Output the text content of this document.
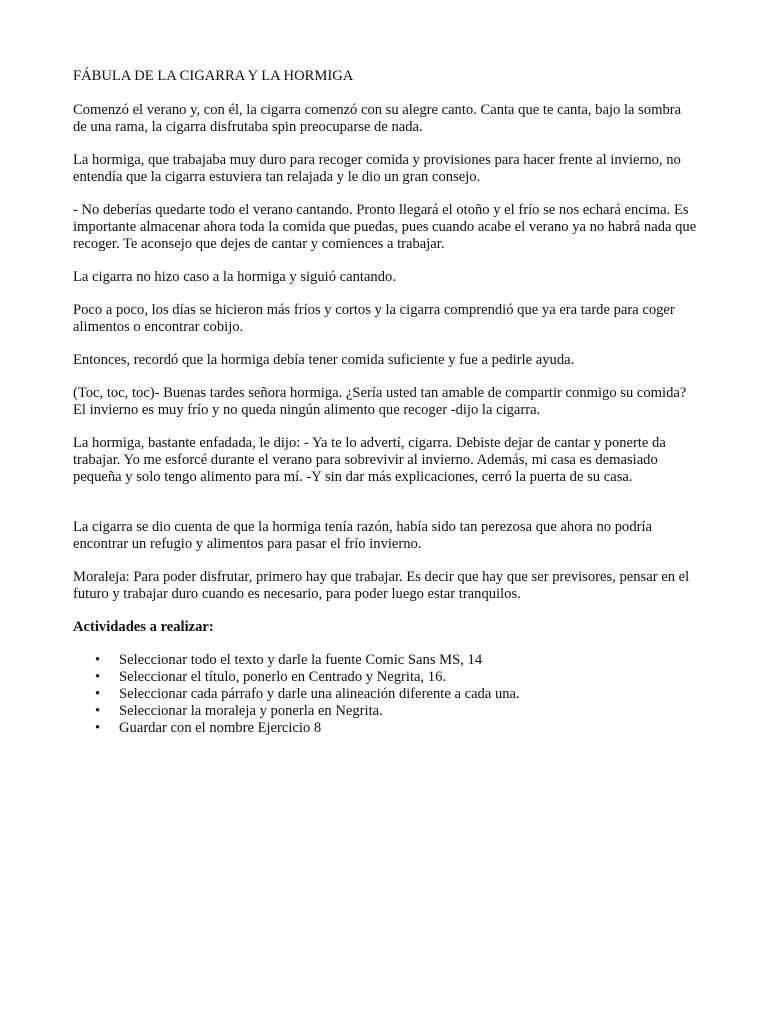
FÁBULA DE LA CIGARRA Y LA HORMIGA

Comenzó el verano y, con él, la cigarra comenzó con su alegre canto. Canta que te canta, bajo la sombra de una rama, la cigarra disfrutaba spin preocuparse de nada.

La hormiga, que trabajaba muy duro para recoger comida y provisiones para hacer frente al invierno, no entendía que la cigarra estuviera tan relajada y le dio un gran consejo.

- No deberías quedarte todo el verano cantando. Pronto llegará el otoño y el frío se nos echará encima. Es importante almacenar ahora toda la comida que puedas, pues cuando acabe el verano ya no habrá nada que recoger. Te aconsejo que dejes de cantar y comiences a trabajar.

La cigarra no hizo caso a la hormiga y siguió cantando.

Poco a poco, los días se hicieron más fríos y cortos y la cigarra comprendió que ya era tarde para coger alimentos o encontrar cobijo.

Entonces, recordó que la hormiga debía tener comida suficiente y fue a pedirle ayuda.

(Toc, toc, toc)- Buenas tardes señora hormiga. ¿Sería usted tan amable de compartir conmigo su comida? El invierno es muy frío y no queda ningún alimento que recoger -dijo la cigarra.

La hormiga, bastante enfadada, le dijo: - Ya te lo advertí, cigarra. Debiste dejar de cantar y ponerte da trabajar. Yo me esforcé durante el verano para sobrevivir al invierno. Además, mi casa es demasiado pequeña y solo tengo alimento para mí. -Y sin dar más explicaciones, cerró la puerta de su casa.

La cigarra se dio cuenta de que la hormiga tenía razón, había sido tan perezosa que ahora no podría encontrar un refugio y alimentos para pasar el frío invierno.

Moraleja: Para poder disfrutar, primero hay que trabajar. Es decir que hay que ser previsores, pensar en el futuro y trabajar duro cuando es necesario, para poder luego estar tranquilos.

Actividades a realizar:

• Seleccionar todo el texto y darle la fuente Comic Sans MS, 14
• Seleccionar el título, ponerlo en Centrado y Negrita, 16.
• Seleccionar cada párrafo y darle una alineación diferente a cada una.
• Seleccionar la moraleja y ponerla en Negrita.
• Guardar con el nombre Ejercicio 8
